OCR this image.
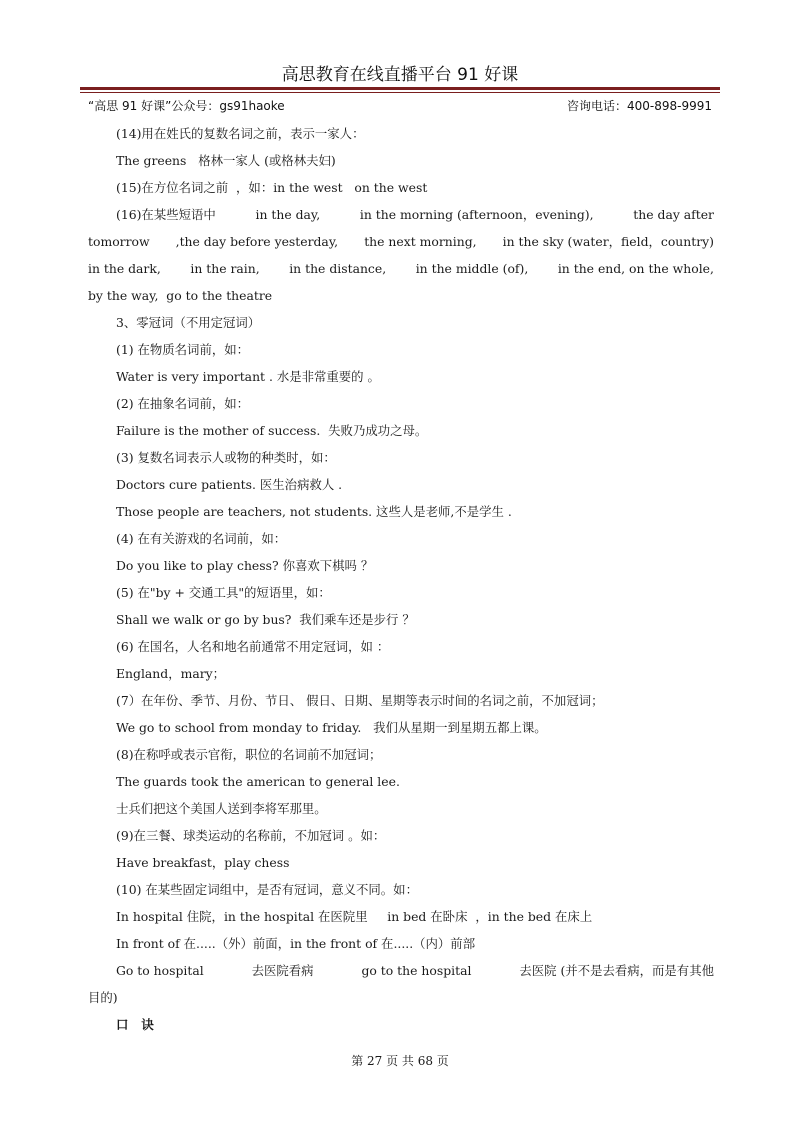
高思教育在线直播平台 91 好课
“高思 91 好课”公众号：gs91haoke	咨询电话：400-898-9991
(14)用在姓氏的复数名词之前，表示一家人：
The greens   格林一家人 (或格林夫妇)
(15)在方位名词之前  ，如：in the west   on the west
(16)在某些短语中	in the day,	in the morning (afternoon，evening),	the day after
tomorrow ,the day before yesterday, the next morning, in the sky (water，field，country)
in the dark, in the rain, in the distance, in the middle (of), in the end, on the whole,
by the way,  go to the theatre
3、零冠词（不用定冠词）
(1) 在物质名词前，如：
Water is very important . 水是非常重要的 。
(2) 在抽象名词前，如：
Failure is the mother of success.  失败乃成功之母。
(3) 复数名词表示人或物的种类时，如：
Doctors cure patients. 医生治病救人 .
Those people are teachers, not students. 这些人是老师,不是学生 .
(4) 在有关游戏的名词前，如：
Do you like to play chess? 你喜欢下棋吗 ？
(5) 在"by + 交通工具"的短语里，如：
Shall we walk or go by bus?  我们乘车还是步行 ？
(6) 在国名，人名和地名前通常不用定冠词，如 ：
England，mary；
(7）在年份、季节、月份、节日、 假日、日期、星期等表示时间的名词之前，不加冠词；
We go to school from monday to friday.   我们从星期一到星期五都上课。
(8)在称呼或表示官衔，职位的名词前不加冠词；
The guards took the american to general lee.
士兵们把这个美国人送到李将军那里。
(9)在三餐、球类运动的名称前，不加冠词 。如：
Have breakfast，play chess
(10) 在某些固定词组中，是否有冠词，意义不同。如：
In hospital 住院，in the hospital 在医院里     in bed 在卧床  ，in the bed 在床上
In front of 在.....（外）前面，in the front of 在.....（内）前部
Go to hospital	去医院看病	go to the hospital	去医院 (并不是去看病，而是有其他
目的)
口   诀
第 27 页 共 68 页
